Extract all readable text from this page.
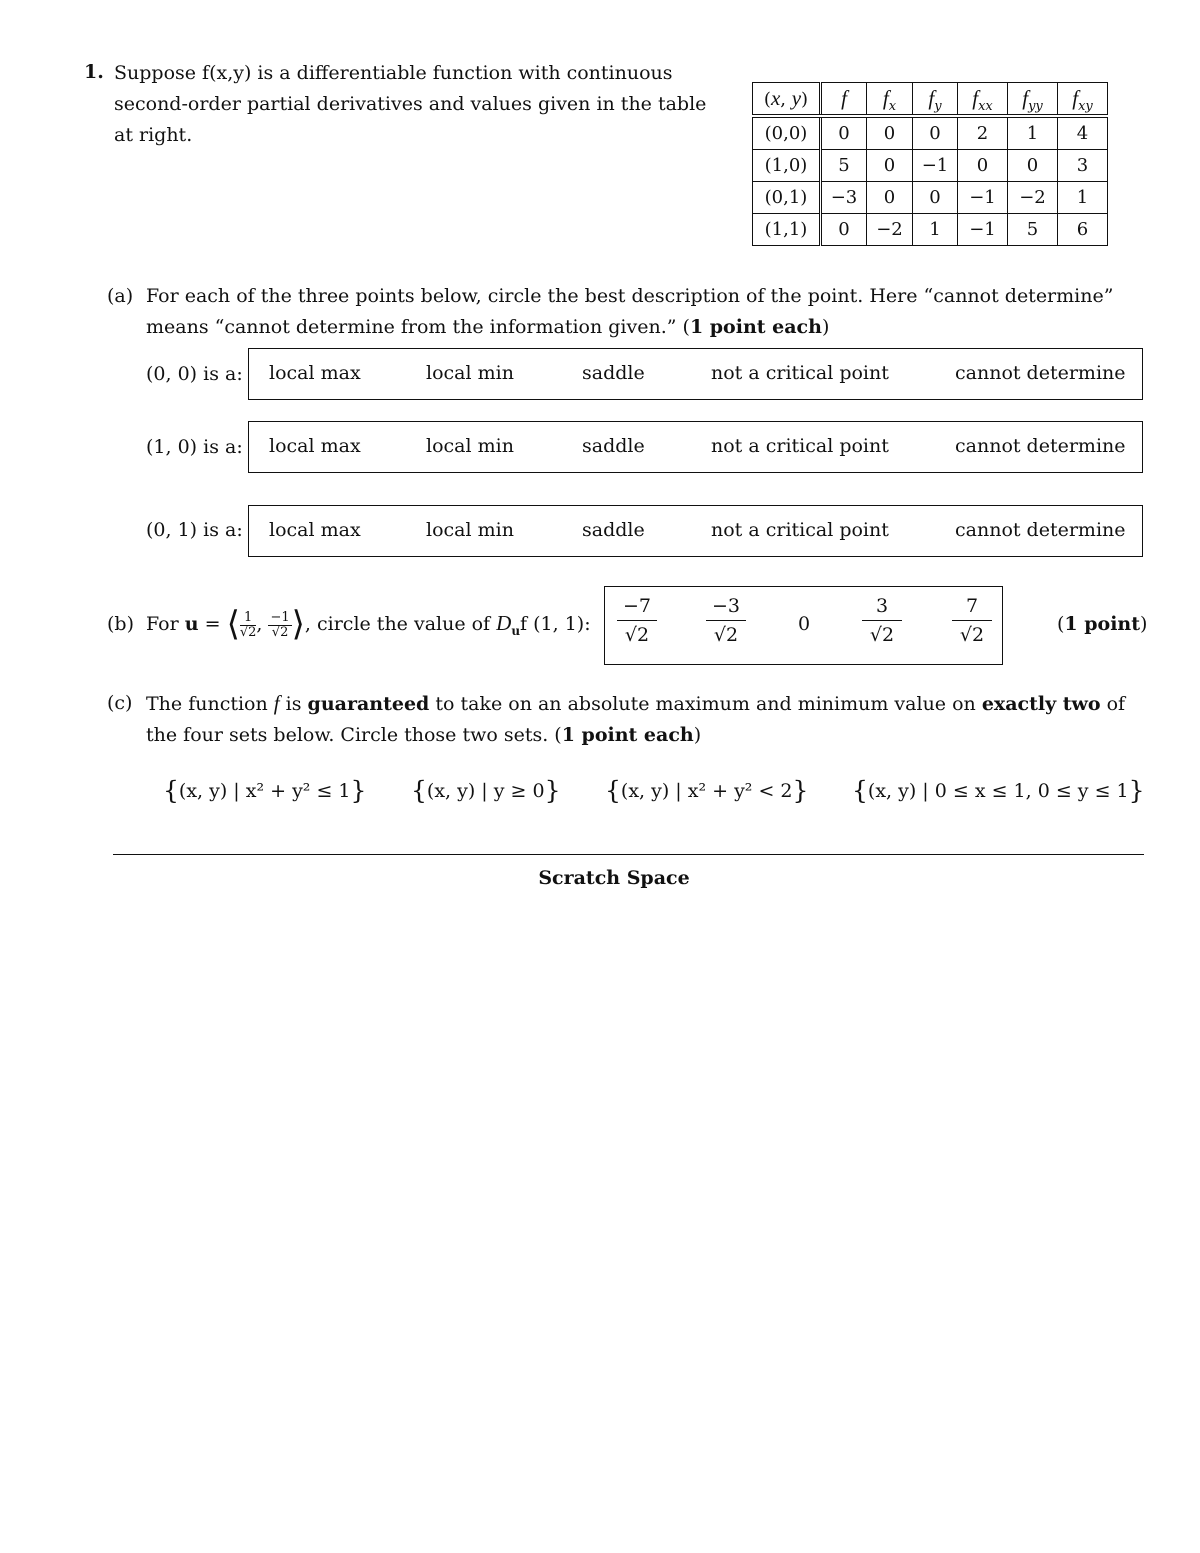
1. Suppose f(x,y) is a differentiable function with continuous

second-order partial derivatives and values given in the table

at right.

(x, y)	f	$f_x$	$f_y$	$f_{xx}$	$f_{yy}$	$f_{xy}$
(0,0)	0	0	0	2	1	4
(1,0)	5	0	−1	0	0	3
(0,1)	−3	0	0	−1	−2	1
(1,1)	0	−2	1	−1	5	6
(a) For each of the three points below, circle the best description of the point. Here “cannot determine”
means “cannot determine from the information given.” (1 point each)
(0, 0) is a: local max	local min	saddle	not a critical point	cannot determine
(1, 0) is a: local max	local min	saddle	not a critical point	cannot determine
(0, 1) is a: local max	local min	saddle	not a critical point	cannot determine
(b) For u = ⟨ $\frac{1}{√2}$ , $\frac{-1}{√2}$ ⟩, circle the value of $D_uf$ (1, 1): $\frac{-7}{√2}$	$\frac{-3}{√2}$	0	$\frac{3}{√2}$	$\frac{7}{√2}$	(1 point)
(c) The function f is guaranteed to take on an absolute maximum and minimum value on exactly two of
the four sets below. Circle those two sets. (1 point each)
{(x, y) | x² + y² ≤ 1} {(x, y) | y ≥ 0} {(x, y) | x² + y² < 2} {(x, y) | 0 ≤ x ≤ 1, 0 ≤ y ≤ 1}
Scratch Space
